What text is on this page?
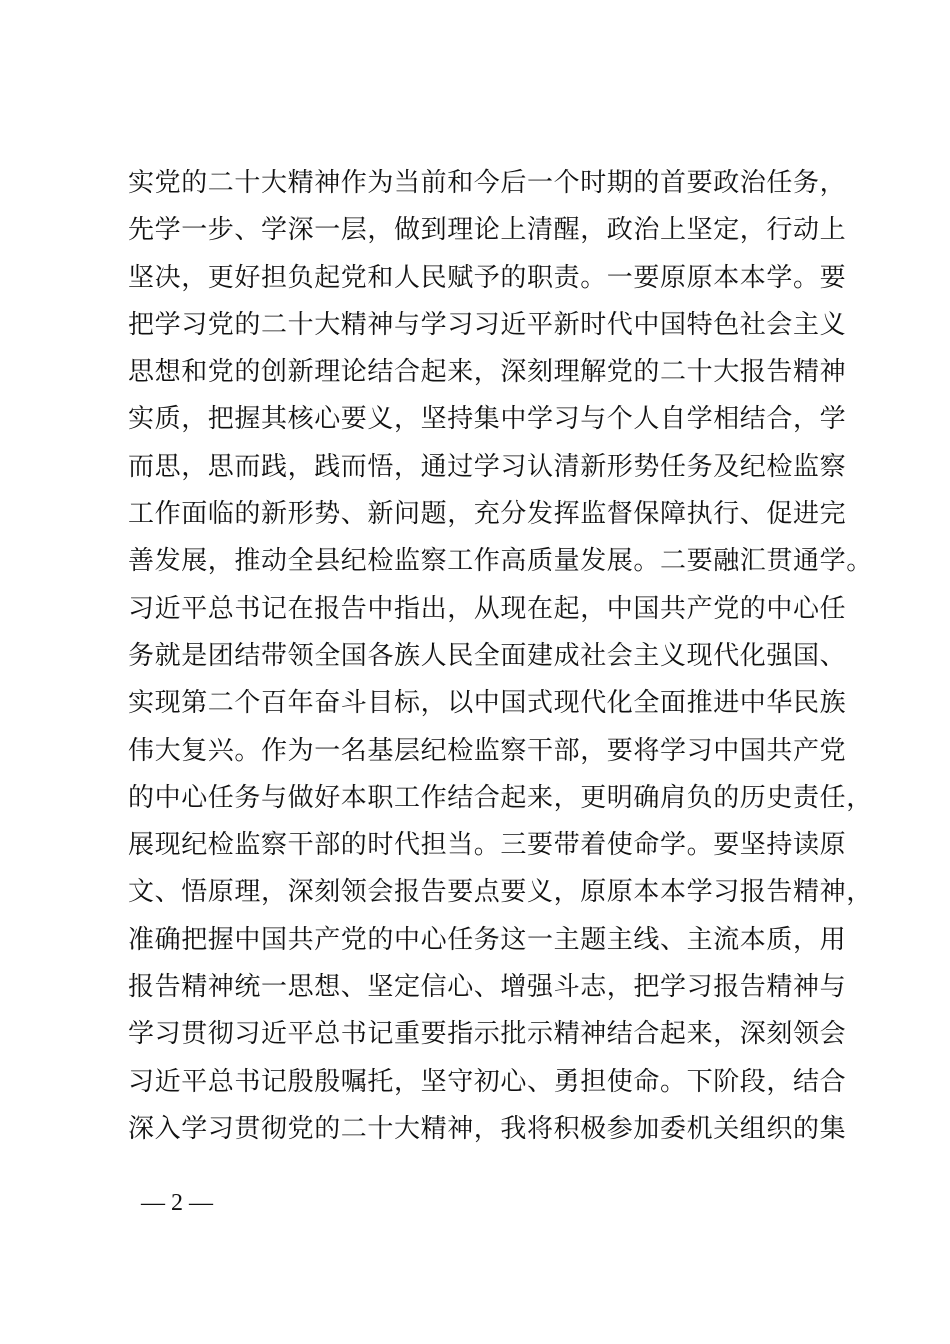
实党的二十大精神作为当前和今后一个时期的首要政治任务，
先学一步、学深一层，做到理论上清醒，政治上坚定，行动上
坚决，更好担负起党和人民赋予的职责。一要原原本本学。要
把学习党的二十大精神与学习习近平新时代中国特色社会主义
思想和党的创新理论结合起来，深刻理解党的二十大报告精神
实质，把握其核心要义，坚持集中学习与个人自学相结合，学
而思，思而践，践而悟，通过学习认清新形势任务及纪检监察
工作面临的新形势、新问题，充分发挥监督保障执行、促进完
善发展，推动全县纪检监察工作高质量发展。二要融汇贯通学。
习近平总书记在报告中指出，从现在起，中国共产党的中心任
务就是团结带领全国各族人民全面建成社会主义现代化强国、
实现第二个百年奋斗目标，以中国式现代化全面推进中华民族
伟大复兴。作为一名基层纪检监察干部，要将学习中国共产党
的中心任务与做好本职工作结合起来，更明确肩负的历史责任，
展现纪检监察干部的时代担当。三要带着使命学。要坚持读原
文、悟原理，深刻领会报告要点要义，原原本本学习报告精神，
准确把握中国共产党的中心任务这一主题主线、主流本质，用
报告精神统一思想、坚定信心、增强斗志，把学习报告精神与
学习贯彻习近平总书记重要指示批示精神结合起来，深刻领会
习近平总书记殷殷嘱托，坚守初心、勇担使命。下阶段，结合
深入学习贯彻党的二十大精神，我将积极参加委机关组织的集
— 2 —
